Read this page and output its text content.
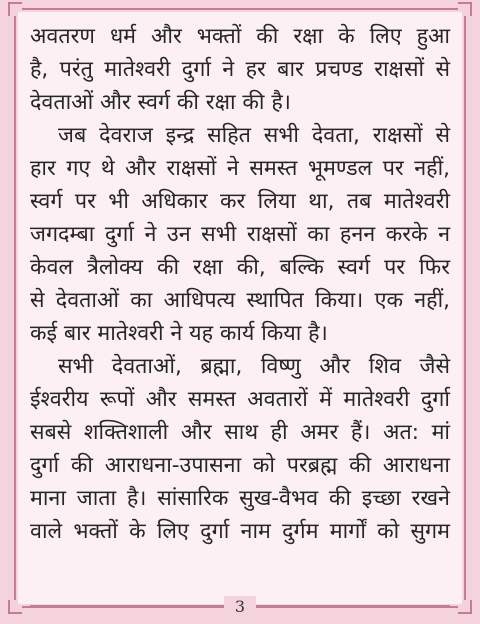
अवतरण धर्म और भक्तों की रक्षा के लिए हुआ
है, परंतु मातेश्वरी दुर्गा ने हर बार प्रचण्ड राक्षसों से
देवताओं और स्वर्ग की रक्षा की है।

जब देवराज इन्द्र सहित सभी देवता, राक्षसों से
हार गए थे और राक्षसों ने समस्त भूमण्डल पर नहीं,
स्वर्ग पर भी अधिकार कर लिया था, तब मातेश्वरी
जगदम्बा दुर्गा ने उन सभी राक्षसों का हनन करके न
केवल त्रैलोक्य की रक्षा की, बल्कि स्वर्ग पर फिर
से देवताओं का आधिपत्य स्थापित किया। एक नहीं,
कई बार मातेश्वरी ने यह कार्य किया है।

सभी देवताओं, ब्रह्मा, विष्णु और शिव जैसे
ईश्वरीय रूपों और समस्त अवतारों में मातेश्वरी दुर्गा
सबसे शक्तिशाली और साथ ही अमर हैं। अत: मां
दुर्गा की आराधना-उपासना को परब्रह्म की आराधना
माना जाता है। सांसारिक सुख-वैभव की इच्छा रखने
वाले भक्तों के लिए दुर्गा नाम दुर्गम मार्गों को सुगम

3
